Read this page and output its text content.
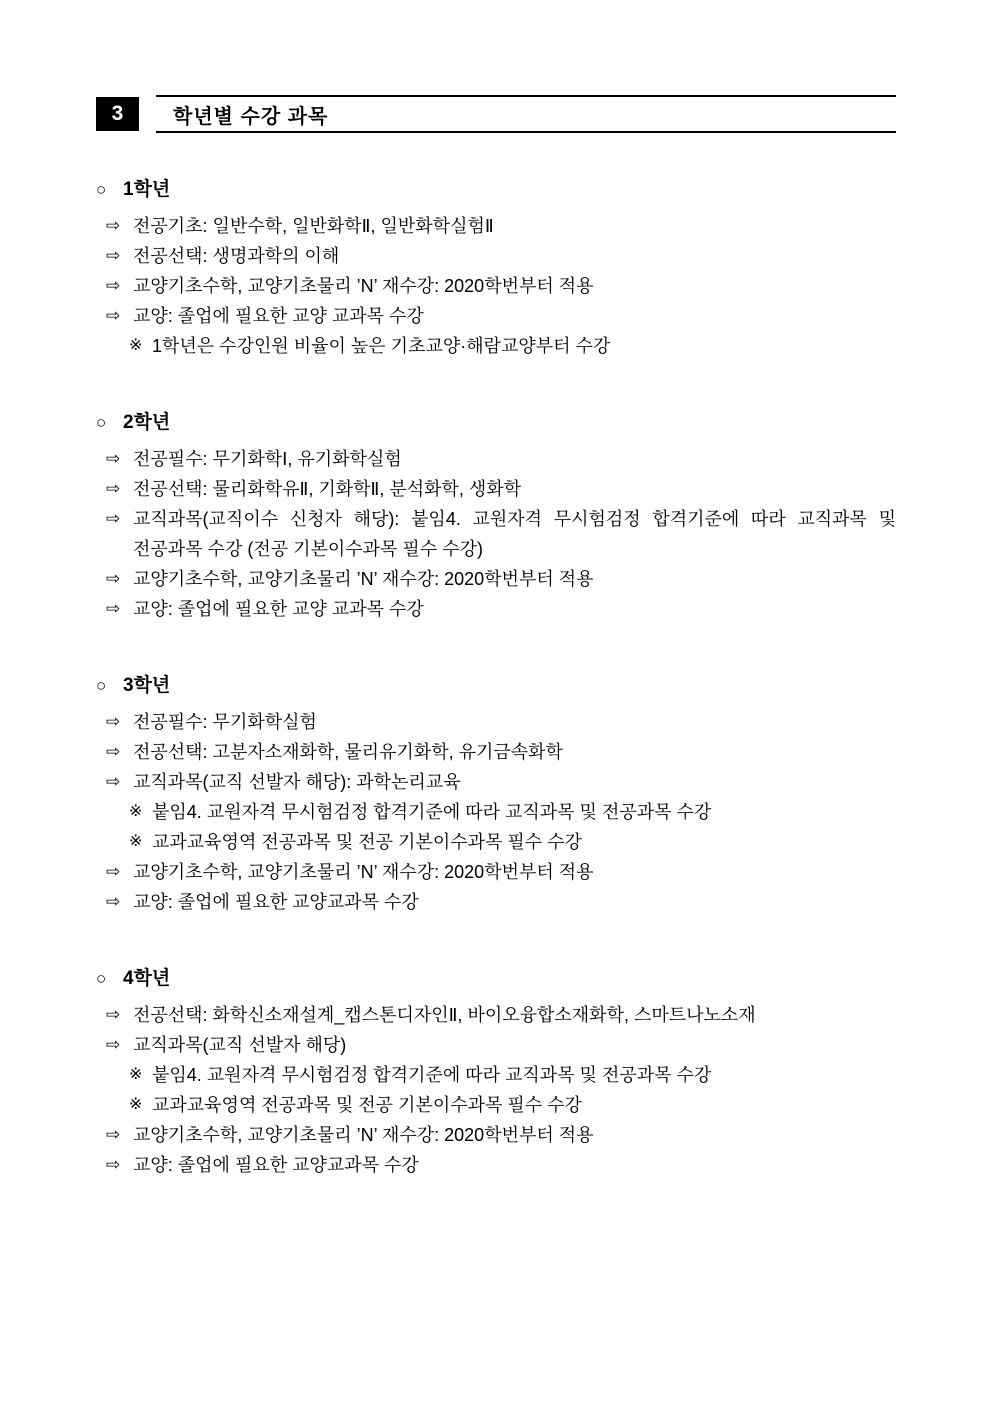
3	학년별 수강 과목
○ 1학년
⇨ 전공기초: 일반수학, 일반화학Ⅱ, 일반화학실험Ⅱ
⇨ 전공선택: 생명과학의 이해
⇨ 교양기초수학, 교양기초물리 ’N’ 재수강: 2020학번부터 적용
⇨ 교양: 졸업에 필요한 교양 교과목 수강
※ 1학년은 수강인원 비율이 높은 기초교양·해람교양부터 수강
○ 2학년
⇨ 전공필수: 무기화학Ⅰ, 유기화학실험
⇨ 전공선택: 물리화학유Ⅱ, 기화학Ⅱ, 분석화학, 생화학
⇨ 교직과목(교직이수 신청자 해당): 붙임4. 교원자격 무시험검정 합격기준에 따라 교직과목 및 전공과목 수강 (전공 기본이수과목 필수 수강)
⇨ 교양기초수학, 교양기초물리 ’N’ 재수강: 2020학번부터 적용
⇨ 교양: 졸업에 필요한 교양 교과목 수강
○ 3학년
⇨ 전공필수: 무기화학실험
⇨ 전공선택: 고분자소재화학, 물리유기화학, 유기금속화학
⇨ 교직과목(교직 선발자 해당): 과학논리교육
※ 붙임4. 교원자격 무시험검정 합격기준에 따라 교직과목 및 전공과목 수강
※ 교과교육영역 전공과목 및 전공 기본이수과목 필수 수강
⇨ 교양기초수학, 교양기초물리 ’N’ 재수강: 2020학번부터 적용
⇨ 교양: 졸업에 필요한 교양교과목 수강
○ 4학년
⇨ 전공선택: 화학신소재설계_캡스톤디자인Ⅱ, 바이오융합소재화학, 스마트나노소재
⇨ 교직과목(교직 선발자 해당)
※ 붙임4. 교원자격 무시험검정 합격기준에 따라 교직과목 및 전공과목 수강
※ 교과교육영역 전공과목 및 전공 기본이수과목 필수 수강
⇨ 교양기초수학, 교양기초물리 ’N’ 재수강: 2020학번부터 적용
⇨ 교양: 졸업에 필요한 교양교과목 수강
